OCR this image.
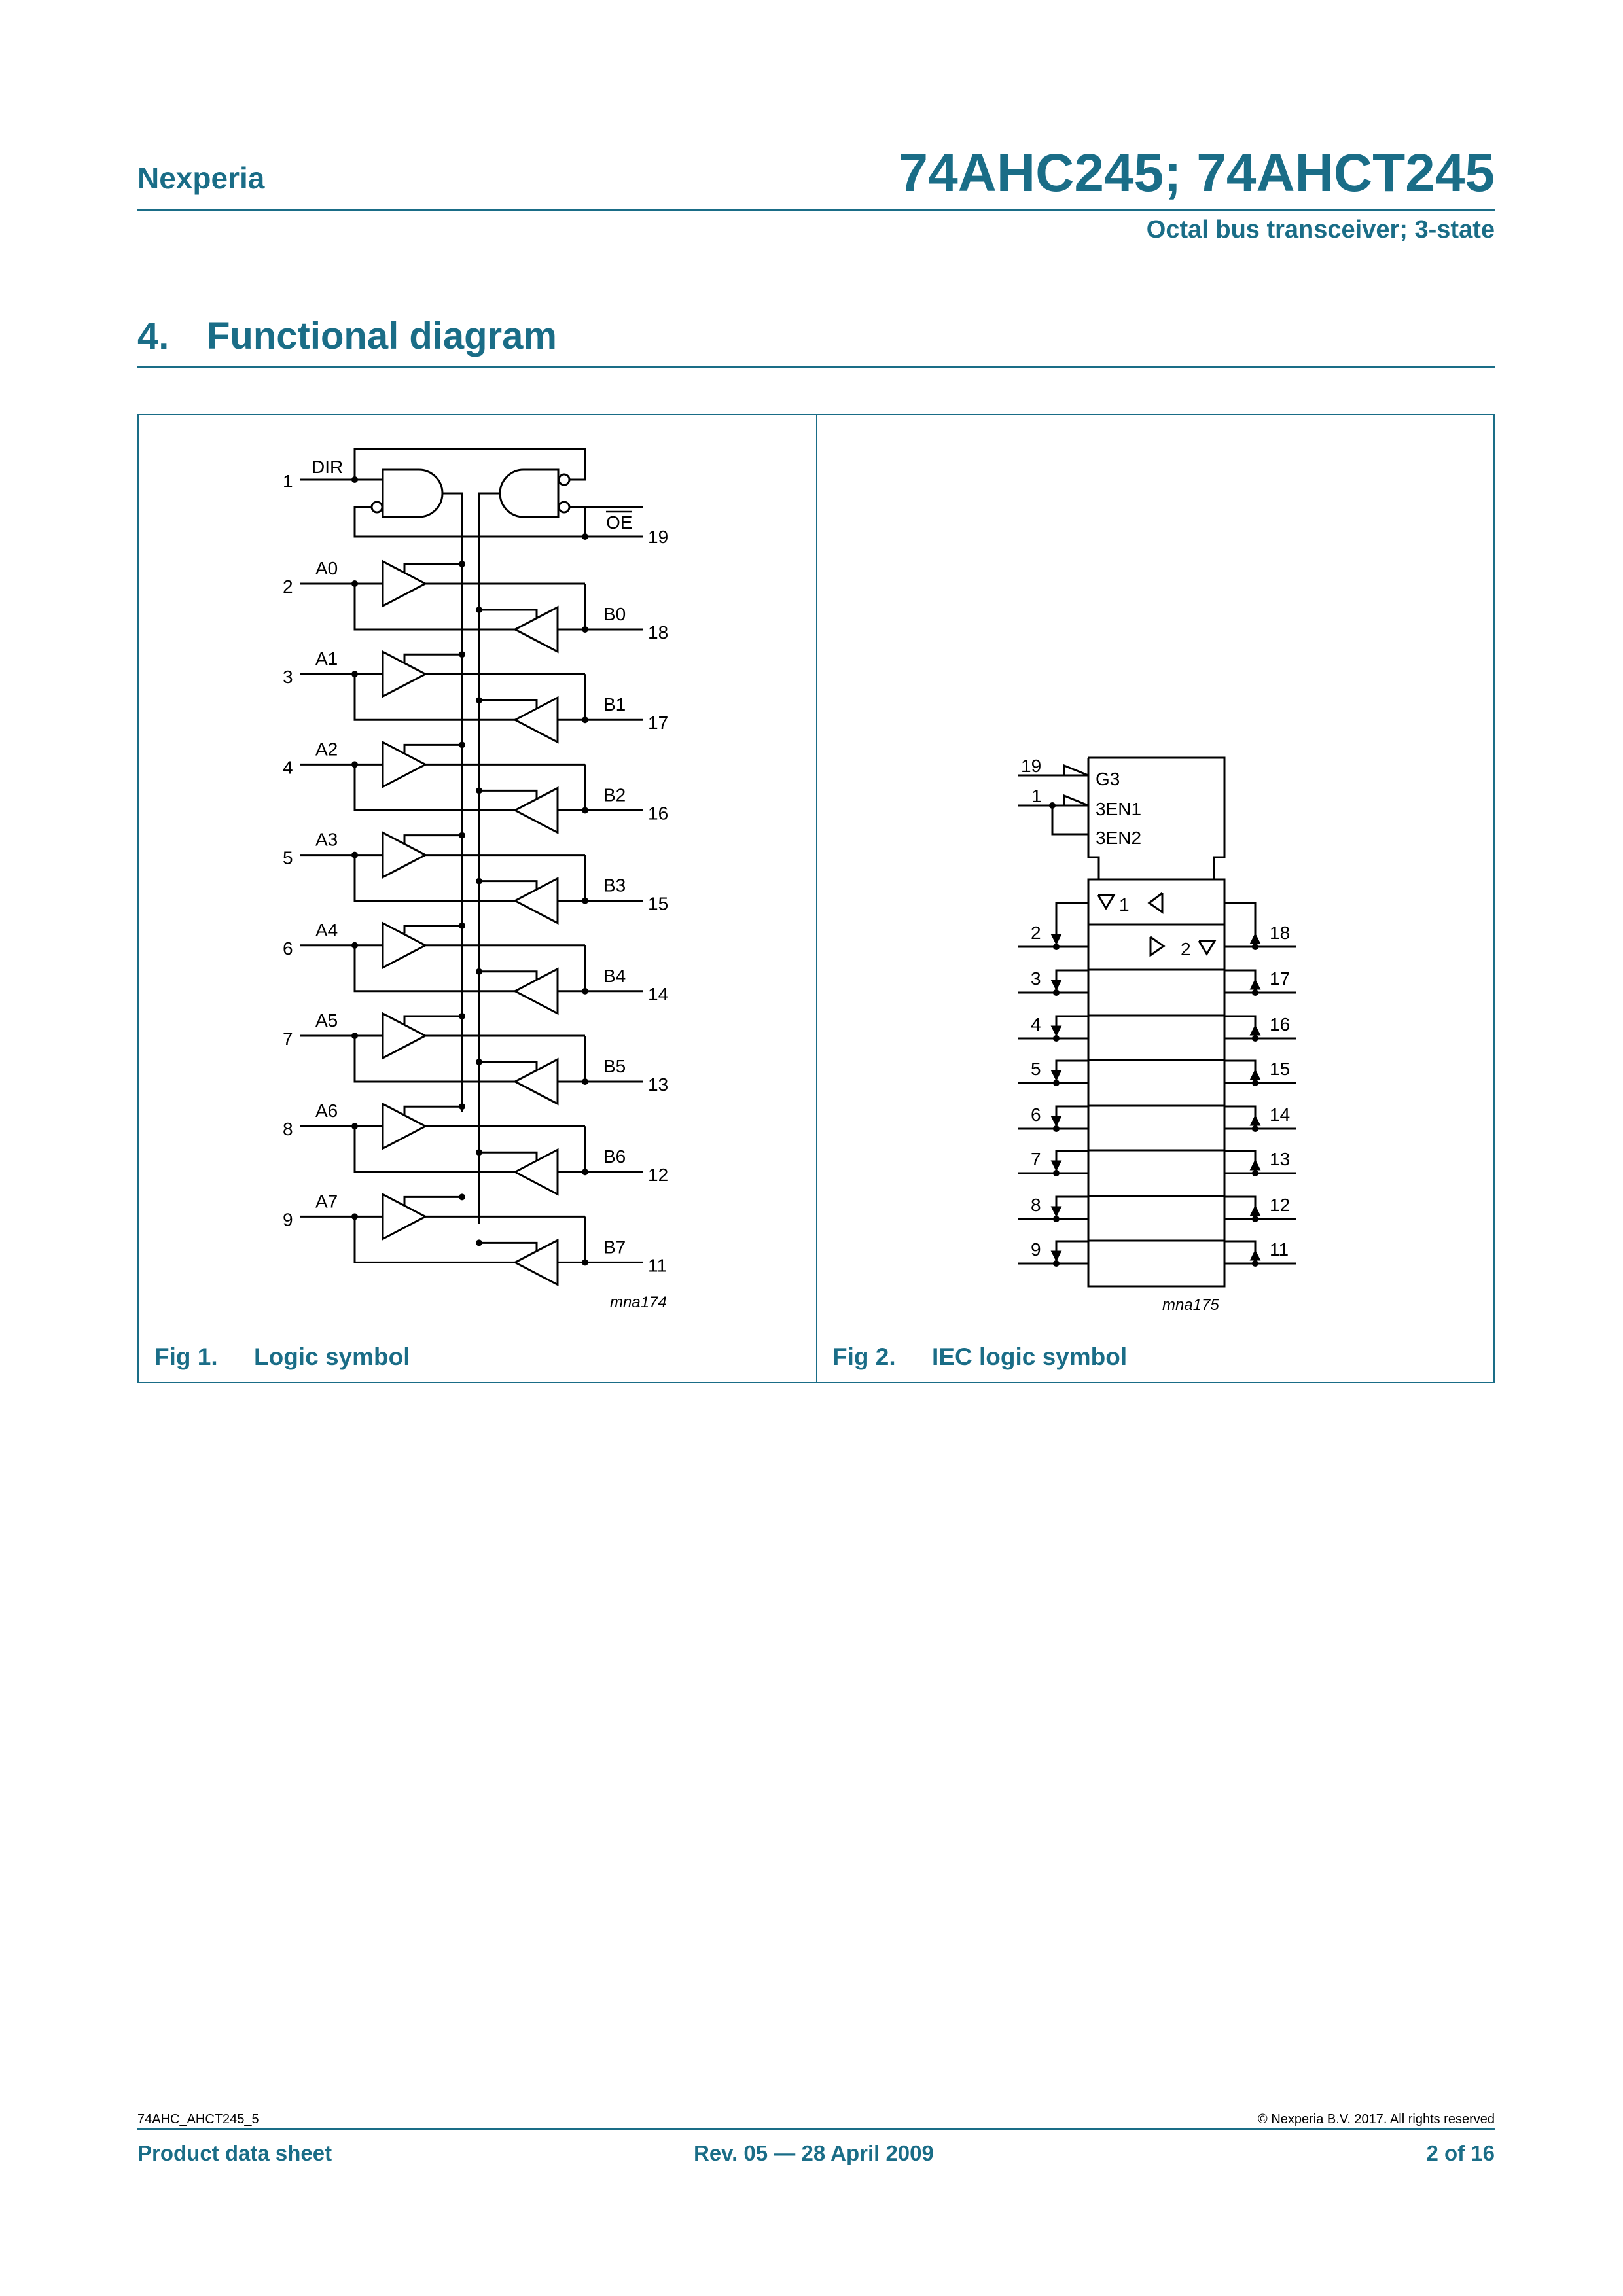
Nexperia	74AHC245; 74AHCT245
Octal bus transceiver; 3-state
4. Functional diagram
DIR
1
OE
19
mna174
A0
2
B0
18
A1
3
B1
17
A2
4
B2
16
A3
5
B3
15
A4
6
B4
14
A5
7
B5
13
A6
8
B6
12
A7
9
B7
11
19
1
G3
3EN1
3EN2
1
2
mna175
2	18
3	17
4	16
5	15
6	14
7	13
8	12
9	11
Fig 1. Logic symbol	Fig 2. IEC logic symbol
74AHC_AHCT245_5	© Nexperia B.V. 2017. All rights reserved
Product data sheet	Rev. 05 — 28 April 2009	2 of 16
